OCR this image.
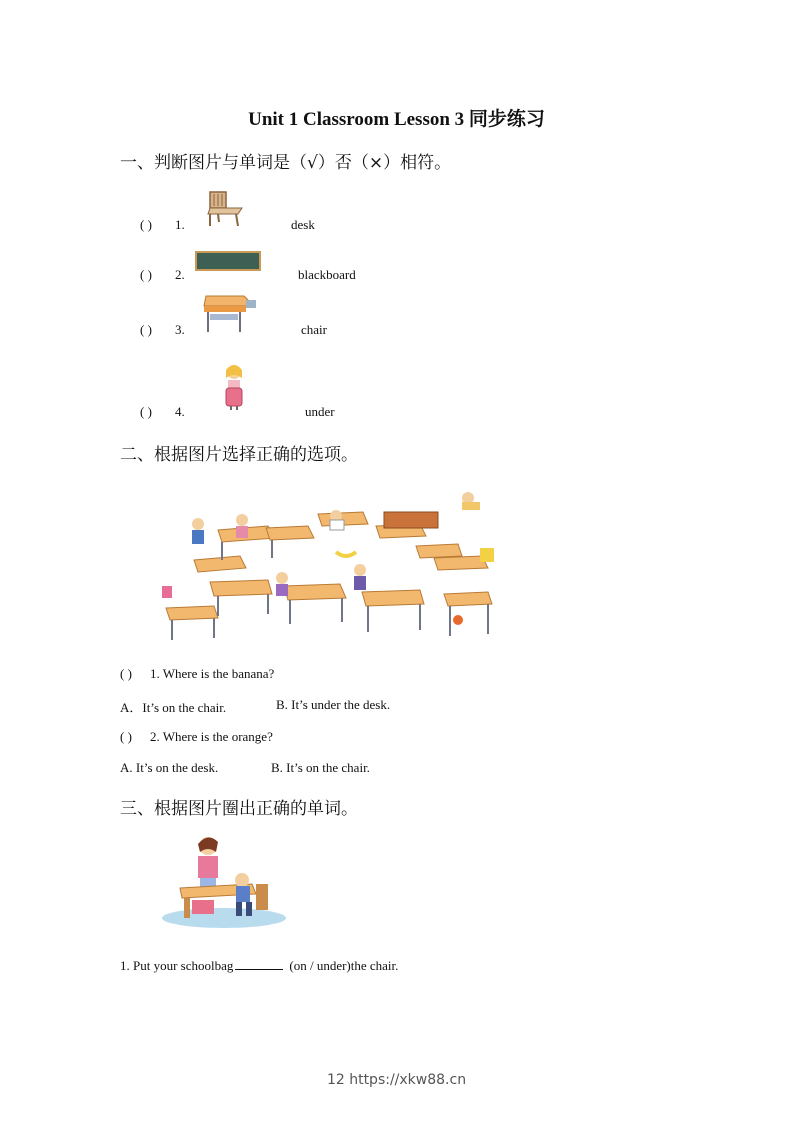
Unit 1 Classroom Lesson 3 同步练习
一、判断图片与单词是（√）否（×）相符。
( ) 1.	desk
( ) 2.	blackboard
( ) 3.	chair
( ) 4.	under
二、根据图片选择正确的选项。
( ) 1. Where is the banana?
A．It’s on the chair.	B. It’s under the desk.
( ) 2. Where is the orange?
A. It’s on the desk.	B. It’s on the chair.
三、根据图片圈出正确的单词。
1. Put your schoolbag	(on / under)the chair.
12 https://xkw88.cn
